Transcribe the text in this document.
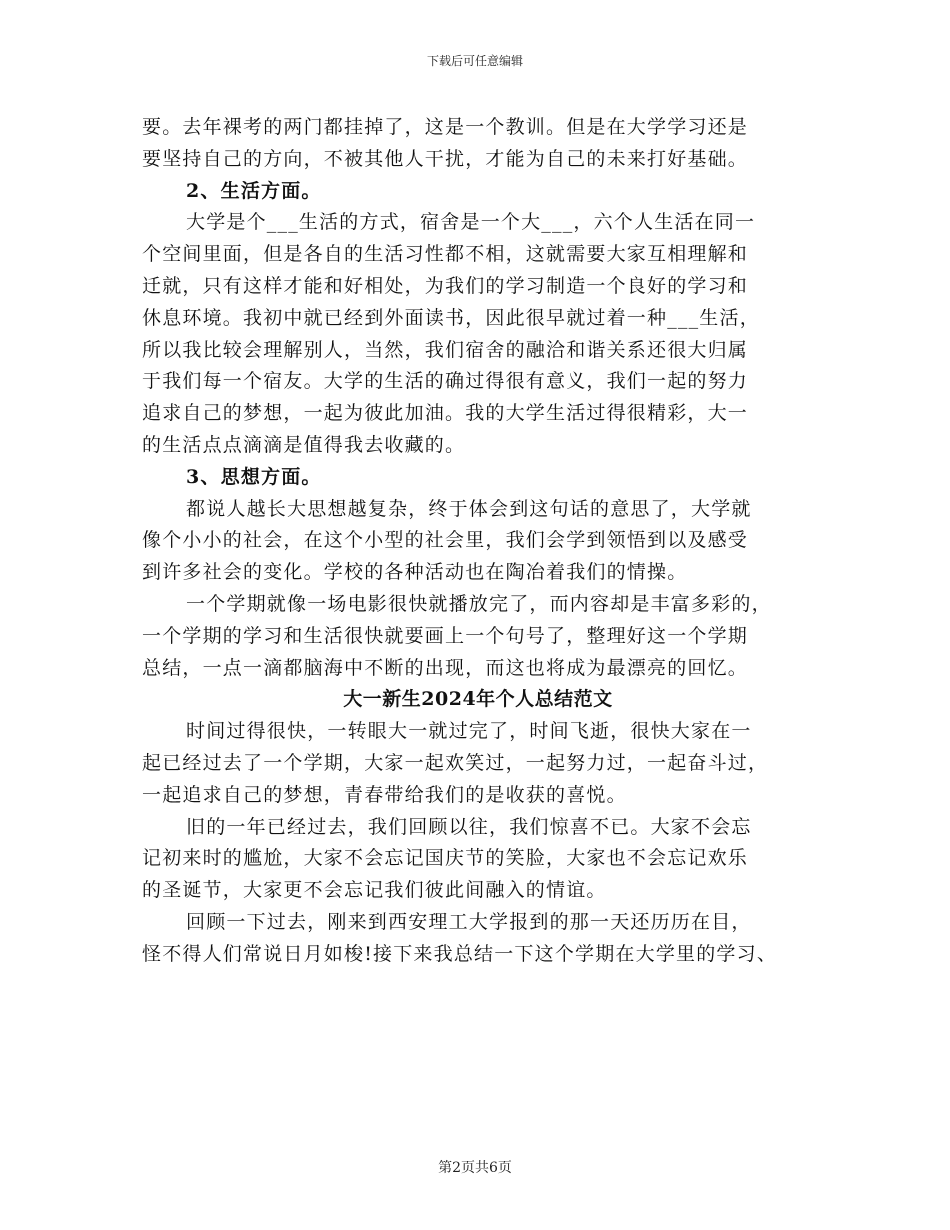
下载后可任意编辑
要。去年裸考的两门都挂掉了，这是一个教训。但是在大学学习还是
要坚持自己的方向，不被其他人干扰，才能为自己的未来打好基础。
2、生活方面。
大学是个___生活的方式，宿舍是一个大___，六个人生活在同一
个空间里面，但是各自的生活习性都不相，这就需要大家互相理解和
迁就，只有这样才能和好相处，为我们的学习制造一个良好的学习和
休息环境。我初中就已经到外面读书，因此很早就过着一种___生活，
所以我比较会理解别人，当然，我们宿舍的融洽和谐关系还很大归属
于我们每一个宿友。大学的生活的确过得很有意义，我们一起的努力
追求自己的梦想，一起为彼此加油。我的大学生活过得很精彩，大一
的生活点点滴滴是值得我去收藏的。
3、思想方面。
都说人越长大思想越复杂，终于体会到这句话的意思了，大学就
像个小小的社会，在这个小型的社会里，我们会学到领悟到以及感受
到许多社会的变化。学校的各种活动也在陶冶着我们的情操。
一个学期就像一场电影很快就播放完了，而内容却是丰富多彩的，
一个学期的学习和生活很快就要画上一个句号了，整理好这一个学期
总结，一点一滴都脑海中不断的出现，而这也将成为最漂亮的回忆。
大一新生2024年个人总结范文
时间过得很快，一转眼大一就过完了，时间飞逝，很快大家在一
起已经过去了一个学期，大家一起欢笑过，一起努力过，一起奋斗过，
一起追求自己的梦想，青春带给我们的是收获的喜悦。
旧的一年已经过去，我们回顾以往，我们惊喜不已。大家不会忘
记初来时的尴尬，大家不会忘记国庆节的笑脸，大家也不会忘记欢乐
的圣诞节，大家更不会忘记我们彼此间融入的情谊。
回顾一下过去，刚来到西安理工大学报到的那一天还历历在目，
怪不得人们常说日月如梭!接下来我总结一下这个学期在大学里的学习、
第2页共6页
